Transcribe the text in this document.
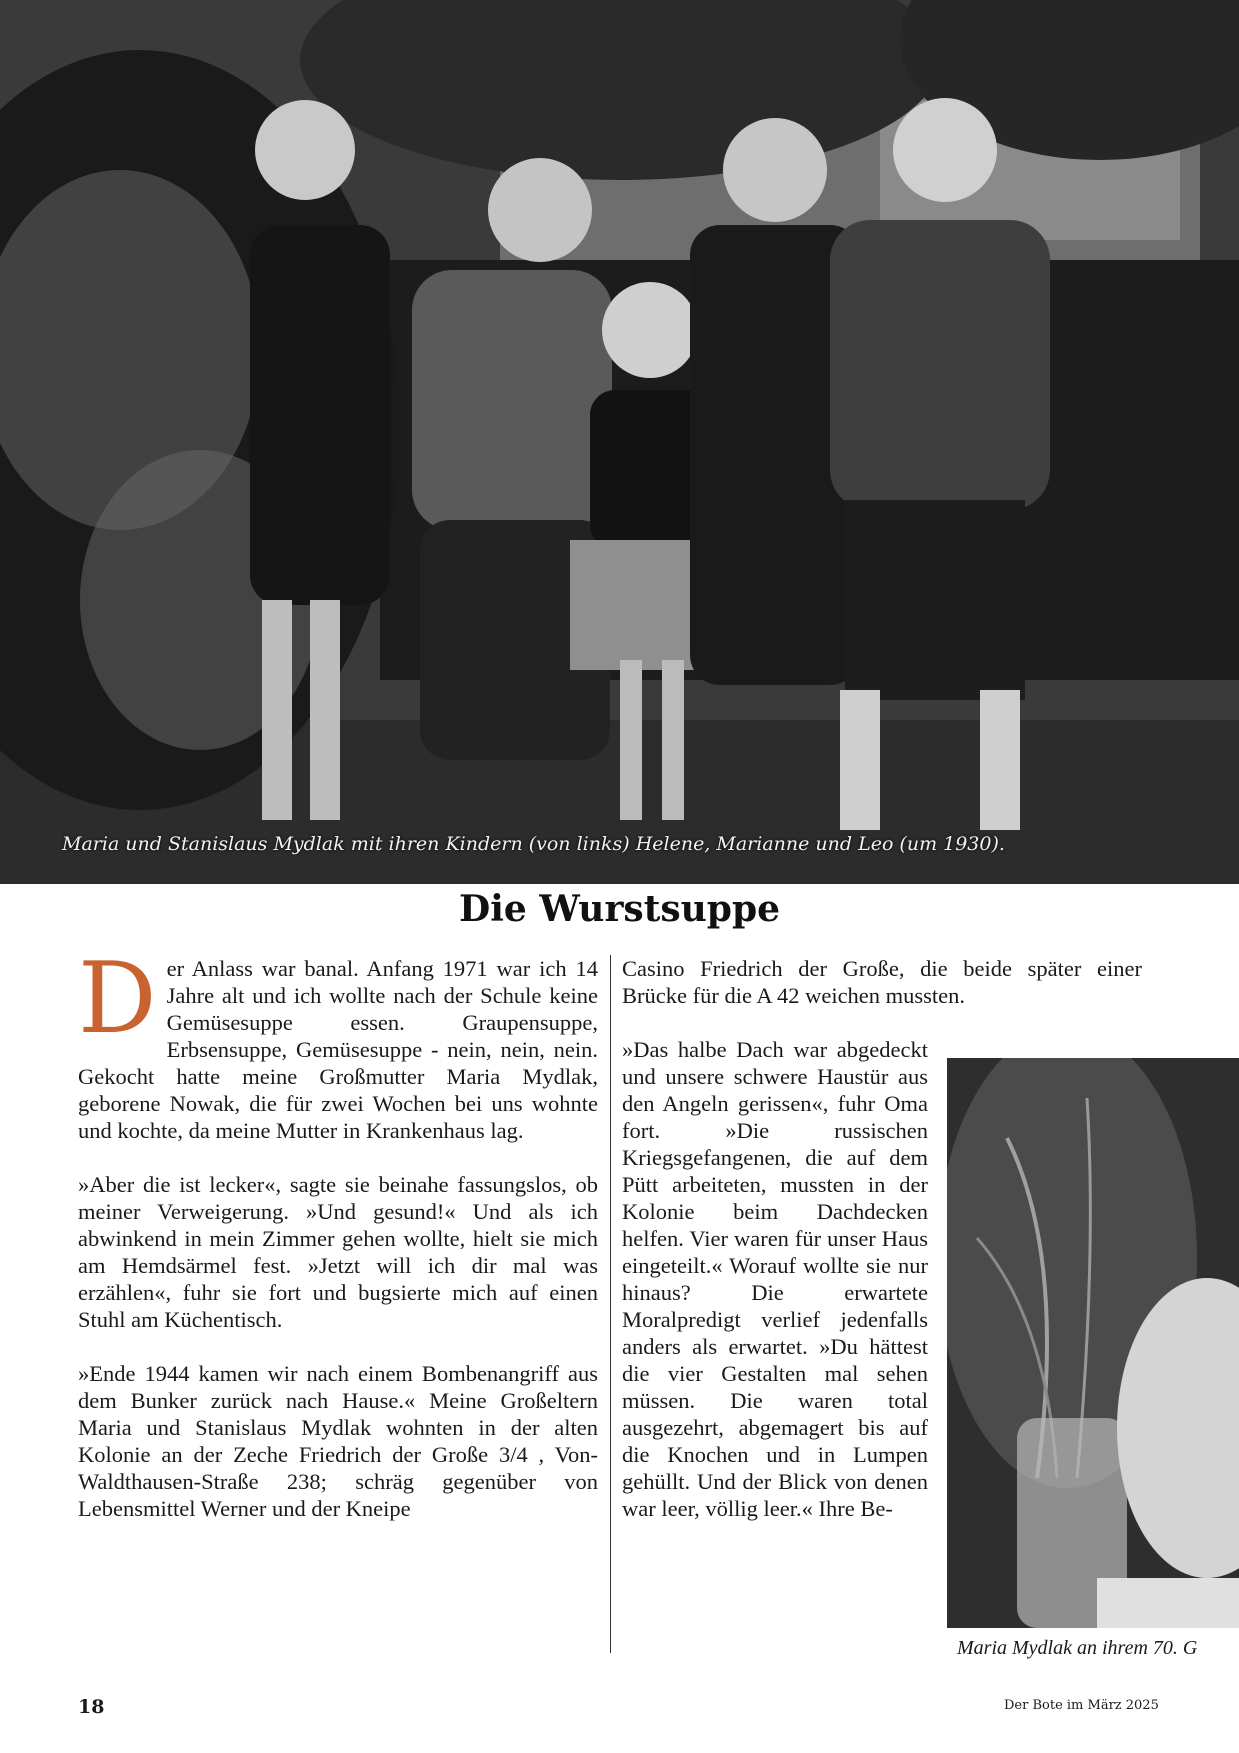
Maria und Stanislaus Mydlak mit ihren Kindern (von links) Helene, Marianne und Leo (um 1930).
Die Wurstsuppe
D er Anlass war banal. Anfang 1971 war ich 14 Jahre alt und ich wollte nach der Schule keine Gemüsesuppe essen. Graupensuppe, Erbsensuppe, Gemüsesuppe - nein, nein, nein. Gekocht hatte meine Großmutter Maria Mydlak, geborene Nowak, die für zwei Wochen bei uns wohnte und kochte, da meine Mutter in Krankenhaus lag.

»Aber die ist lecker«, sagte sie beinahe fassungslos, ob meiner Verweigerung. »Und gesund!« Und als ich abwinkend in mein Zimmer gehen wollte, hielt sie mich am Hemdsärmel fest. »Jetzt will ich dir mal was erzählen«, fuhr sie fort und bugsierte mich auf einen Stuhl am Küchentisch.

»Ende 1944 kamen wir nach einem Bombenangriff aus dem Bunker zurück nach Hause.« Meine Großeltern Maria und Stanislaus Mydlak wohnten in der alten Kolonie an der Zeche Friedrich der Große 3/4 , Von-Waldthausen-Straße 238; schräg gegenüber von Lebensmittel Werner und der Kneipe

Casino Friedrich der Große, die beide später einer Brücke für die A 42 weichen mussten.

»Das halbe Dach war abgedeckt und unsere schwere Haustür aus den Angeln gerissen«, fuhr Oma fort. »Die russischen Kriegsgefangenen, die auf dem Pütt arbeiteten, mussten in der Kolonie beim Dachdecken helfen. Vier waren für unser Haus eingeteilt.« Worauf wollte sie nur hinaus? Die erwartete Moralpredigt verlief jedenfalls anders als erwartet. »Du hättest die vier Gestalten mal sehen müssen. Die waren total ausgezehrt, abgemagert bis auf die Knochen und in Lumpen gehüllt. Und der Blick von denen war leer, völlig leer.« Ihre Be-

Maria Mydlak an ihrem 70. G
18	Der Bote im März 2025
